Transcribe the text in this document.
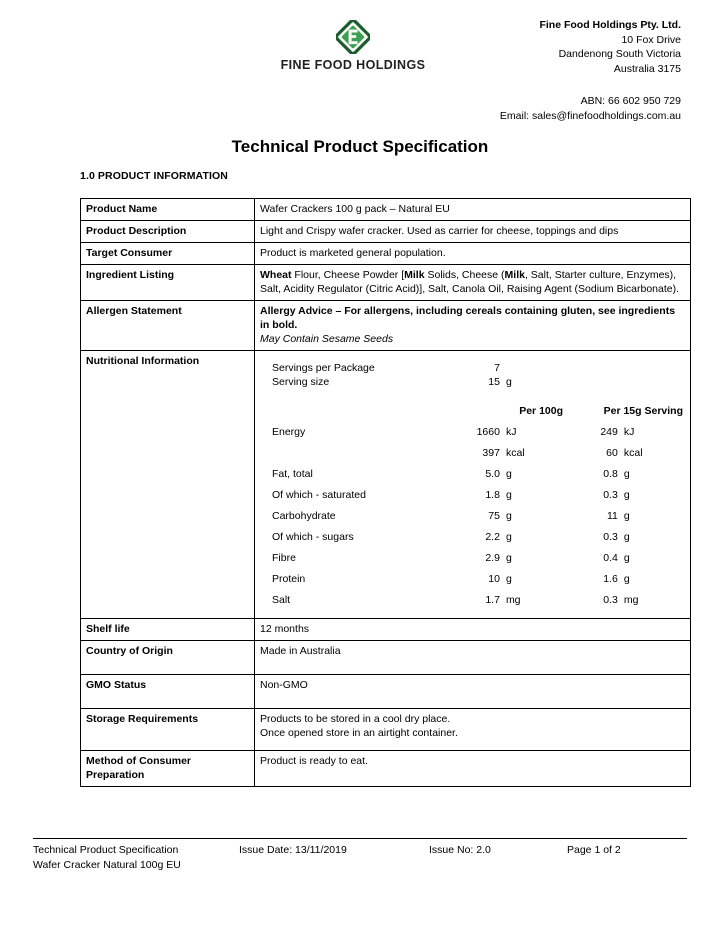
FINE FOOD HOLDINGS
Fine Food Holdings Pty. Ltd.
10 Fox Drive
Dandenong South Victoria
Australia 3175
ABN: 66 602 950 729
Email: sales@finefoodholdings.com.au
Technical Product Specification
1.0 PRODUCT INFORMATION
Product Name	Wafer Crackers 100 g pack – Natural EU
Product Description	Light and Crispy wafer cracker. Used as carrier for cheese, toppings and dips
Target Consumer	Product is marketed general population.
Ingredient Listing	Wheat Flour, Cheese Powder [Milk Solids, Cheese (Milk, Salt, Starter culture, Enzymes), Salt, Acidity Regulator (Citric Acid)], Salt, Canola Oil, Raising Agent (Sodium Bicarbonate).
Allergen Statement	Allergy Advice – For allergens, including cereals containing gluten, see ingredients in bold.
May Contain Sesame Seeds

Nutritional Information	
Servings per Package	7			
Serving size	15	g		

	Per 100g	Per 15g Serving
Energy	1660	kJ	249	kJ
	397	kcal	60	kcal
Fat, total	5.0	g	0.8	g
Of which - saturated	1.8	g	0.3	g
Carbohydrate	75	g	11	g
Of which - sugars	2.2	g	0.3	g
Fibre	2.9	g	0.4	g
Protein	10	g	1.6	g
Salt	1.7	mg	0.3	mg

Shelf life	12 months
Country of Origin	Made in Australia
GMO Status	Non-GMO
Storage Requirements	Products to be stored in a cool dry place.
Once opened store in an airtight container.

Method of Consumer
Preparation
	Product is ready to eat.
Technical Product Specification	Issue Date: 13/11/2019	Issue No: 2.0	Page 1 of 2
Wafer Cracker Natural 100g EU
